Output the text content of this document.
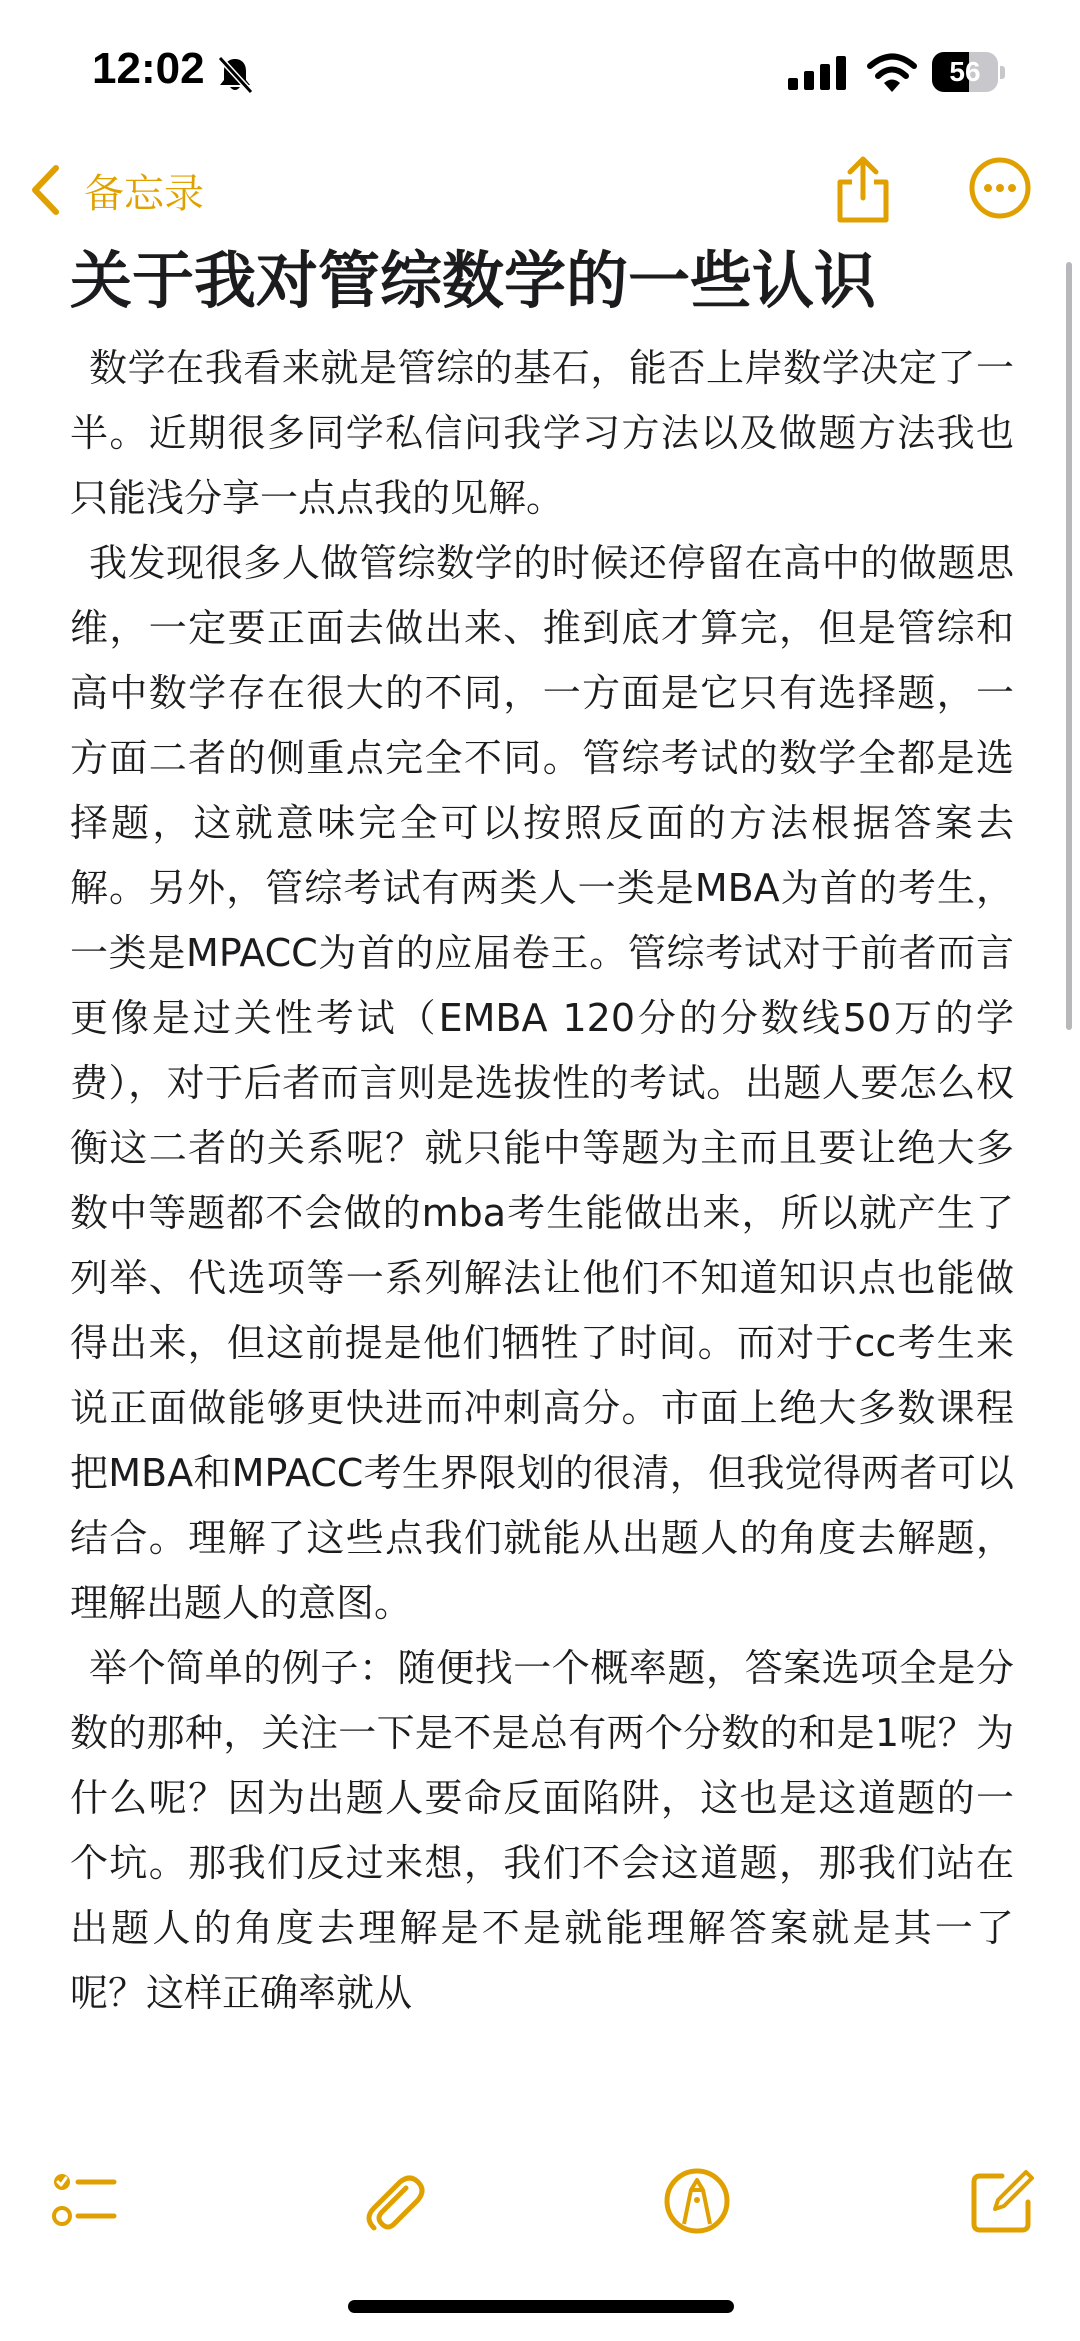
12:02	56
备忘录
关于我对管综数学的一些认识

数学在我看来就是管综的基石，能否上岸数学决定了一半。近期很多同学私信问我学习方法以及做题方法我也只能浅分享一点点我的见解。

我发现很多人做管综数学的时候还停留在高中的做题思维，一定要正面去做出来、推到底才算完，但是管综和高中数学存在很大的不同，一方面是它只有选择题，一方面二者的侧重点完全不同。管综考试的数学全都是选择题，这就意味完全可以按照反面的方法根据答案去解。另外，管综考试有两类人一类是MBA为首的考生，一类是MPACC为首的应届卷王。管综考试对于前者而言更像是过关性考试（EMBA 120分的分数线50万的学费），对于后者而言则是选拔性的考试。出题人要怎么权衡这二者的关系呢？就只能中等题为主而且要让绝大多数中等题都不会做的mba考生能做出来，所以就产生了列举、代选项等一系列解法让他们不知道知识点也能做得出来，但这前提是他们牺牲了时间。而对于cc考生来说正面做能够更快进而冲刺高分。市面上绝大多数课程把MBA和MPACC考生界限划的很清，但我觉得两者可以结合。理解了这些点我们就能从出题人的角度去解题，理解出题人的意图。

举个简单的例子：随便找一个概率题，答案选项全是分数的那种，关注一下是不是总有两个分数的和是1呢？为什么呢？因为出题人要命反面陷阱，这也是这道题的一个坑。那我们反过来想，我们不会这道题，那我们站在出题人的角度去理解是不是就能理解答案就是其一了呢？这样正确率就从
